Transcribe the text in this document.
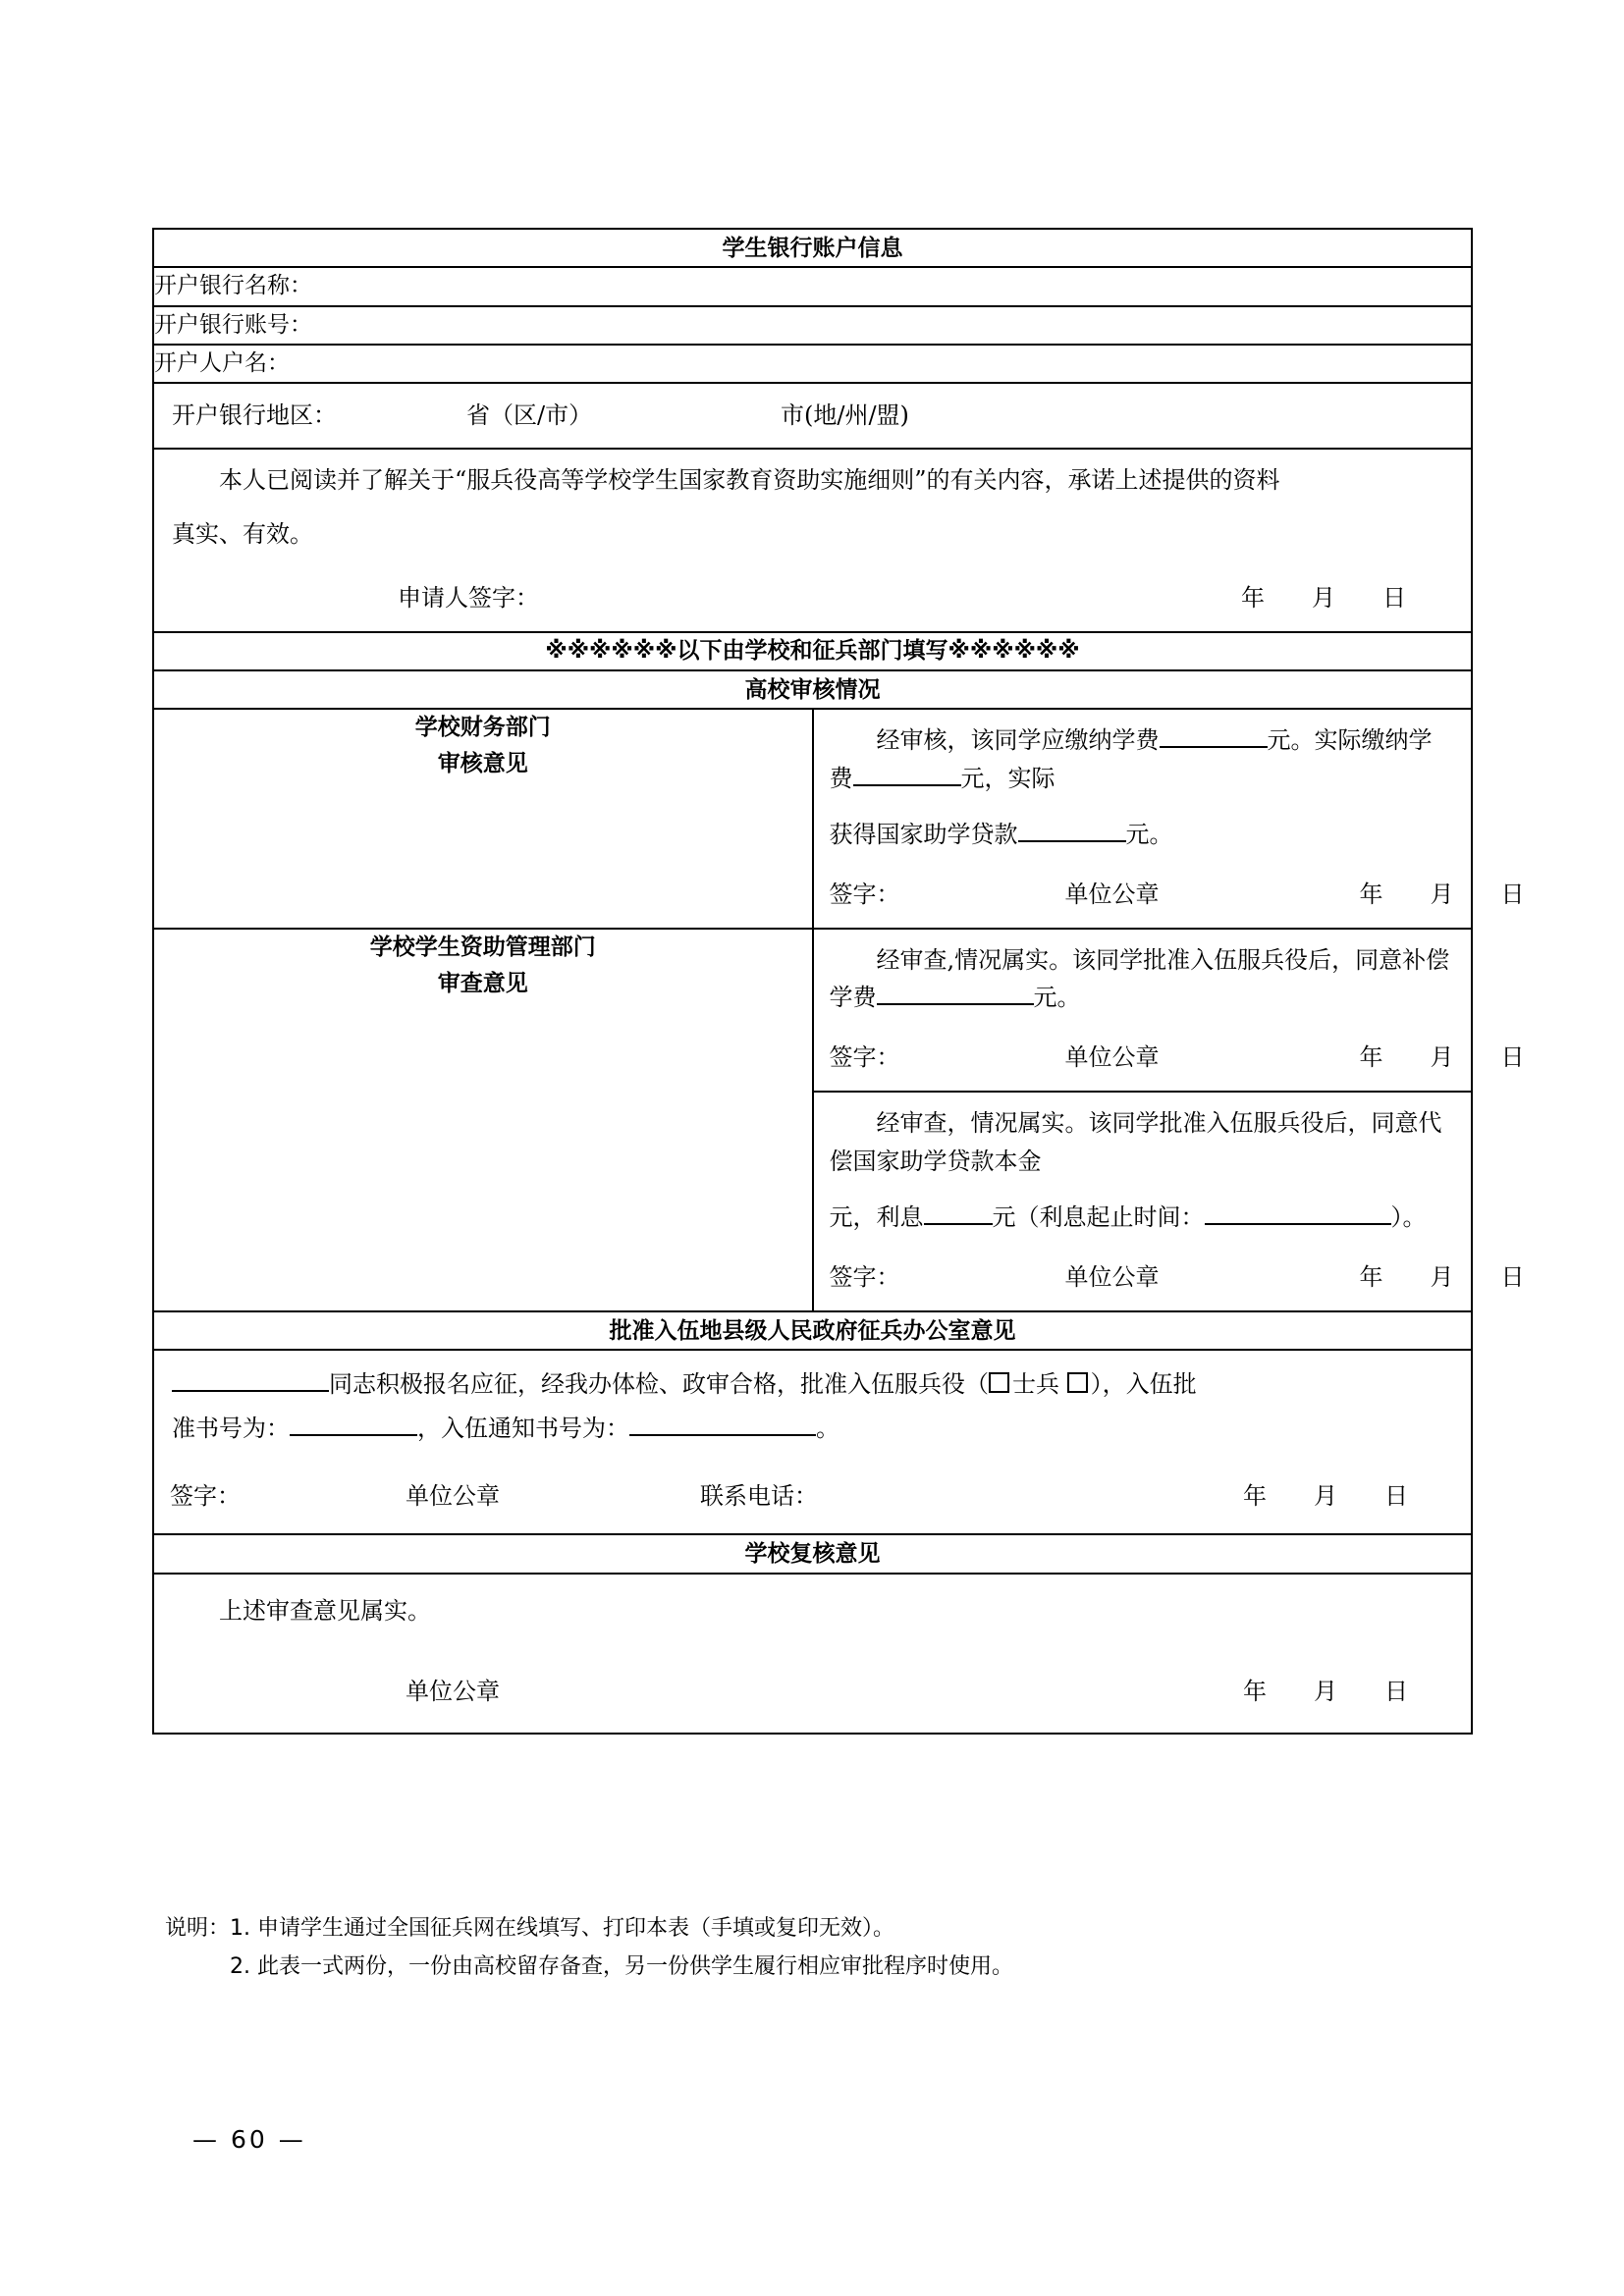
学生银行账户信息
开户银行名称：
开户银行账号：
开户人户名：

开户银行地区：	省（区/市）	市(地/州/盟)

本人已阅读并了解关于“服兵役高等学校学生国家教育资助实施细则”的有关内容，承诺上述提供的资料
真实、有效。
申请人签字：	年	月	日

※※※※※※以下由学校和征兵部门填写※※※※※※
高校审核情况

学校财务部门
审核意见

经审核，该同学应缴纳学费	元。实际缴纳学费	元，实际
获得国家助学贷款	元。
签字：	单位公章	年	月	日

学校学生资助管理部门
审查意见

经审查,情况属实。该同学批准入伍服兵役后，同意补偿学费	元。
签字：	单位公章	年	月	日

经审查，情况属实。该同学批准入伍服兵役后，同意代偿国家助学贷款本金
元，利息	元（利息起止时间：	）。
签字：	单位公章	年	月	日

批准入伍地县级人民政府征兵办公室意见

同志积极报名应征，经我办体检、政审合格，批准入伍服兵役（ 士兵 ），入伍批
准书号为：	，入伍通知书号为：	。
签字：	单位公章	联系电话：	年	月	日

学校复核意见

上述审查意见属实。
单位公章	年	月	日
说明：1. 申请学生通过全国征兵网在线填写、打印本表（手填或复印无效）。
2. 此表一式两份，一份由高校留存备查，另一份供学生履行相应审批程序时使用。
— 60 —
